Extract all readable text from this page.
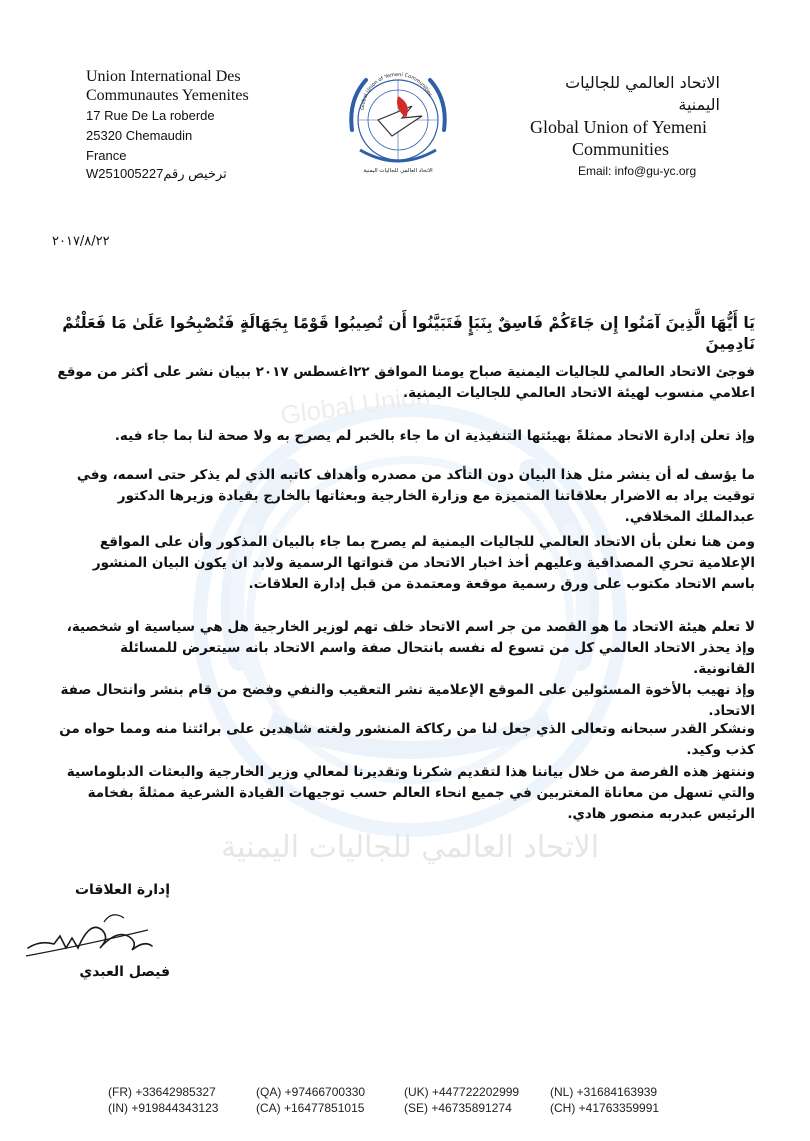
Global Union
الاتحاد العالمي للجاليات اليمنية
Union International Des
Communautes Yemenites
17 Rue De La roberde
25320 Chemaudin
France
W251005227ترخيص رقم
Global Union of Yemeni Communities
الاتحاد العالمي للجاليات اليمنية
الاتحاد العالمي للجاليات اليمنية
Global Union of Yemeni
Communities
Email: info@gu-yc.org
٢٠١٧/٨/٢٢
يَا أَيُّهَا الَّذِينَ آمَنُوا إِن جَاءَكُمْ فَاسِقٌ بِنَبَإٍ فَتَبَيَّنُوا أَن تُصِيبُوا قَوْمًا بِجَهَالَةٍ فَتُصْبِحُوا عَلَىٰ مَا فَعَلْتُمْ نَادِمِينَ
فوجئ الاتحاد العالمي للجاليات اليمنية صباح يومنا الموافق ٢٢اغسطس ٢٠١٧ ببيان نشر على أكثر من موقع اعلامي منسوب لهيئة الاتحاد العالمي للجاليات اليمنية.
وإذ تعلن إدارة الاتحاد ممثلةً بهيئتها التنفيذية ان ما جاء بالخبر لم يصرح به ولا صحة لنا بما جاء فيه.
ما يؤسف له أن ينشر مثل هذا البيان دون التأكد من مصدره وأهداف كاتبه الذي لم يذكر حتى اسمه، وفي توقيت يراد به الاضرار بعلاقاتنا المتميزة مع وزارة الخارجية وبعثاتها بالخارج بقيادة وزيرها الدكتور عبدالملك المخلافي.
ومن هنا نعلن بأن الاتحاد العالمي للجاليات اليمنية لم يصرح بما جاء بالبيان المذكور وأن على المواقع الإعلامية تحري المصداقية وعليهم أخذ اخبار الاتحاد من قنواتها الرسمية ولابد ان يكون البيان المنشور باسم الاتحاد مكتوب على ورق رسمية موقعة ومعتمدة من قبل إدارة العلاقات.
لا تعلم هيئة الاتحاد ما هو القصد من جر اسم الاتحاد خلف تهم لوزير الخارجية هل هي سياسية او شخصية، وإذ يحذر الاتحاد العالمي كل من تسوع له نفسه بانتحال صفة واسم الاتحاد بانه سيتعرض للمسائلة القانونية.
وإذ نهيب بالأخوة المسئولين على الموقع الإعلامية نشر التعقيب والنفي وفضح من قام بنشر وانتحال صفة الاتحاد.
ونشكر القدر سبحانه وتعالى الذي جعل لنا من ركاكة المنشور ولغته شاهدين على برائتنا منه ومما حواه من كذب وكيد.
وننتهز هذه الفرصة من خلال بياننا هذا لتقديم شكرنا وتقديرنا لمعالي وزير الخارجية والبعثات الدبلوماسية والتي تسهل من معاناة المغتربين في جميع انحاء العالم حسب توجيهات القيادة الشرعية ممثلةً بفخامة الرئيس عبدربه منصور هادي.
إدارة العلاقات
فيصل العبدي
(FR) +33642985327	(QA) +97466700330	(UK) +447722202999	(NL) +31684163939
(IN) +919844343123	(CA) +16477851015	(SE) +46735891274	(CH) +41763359991
